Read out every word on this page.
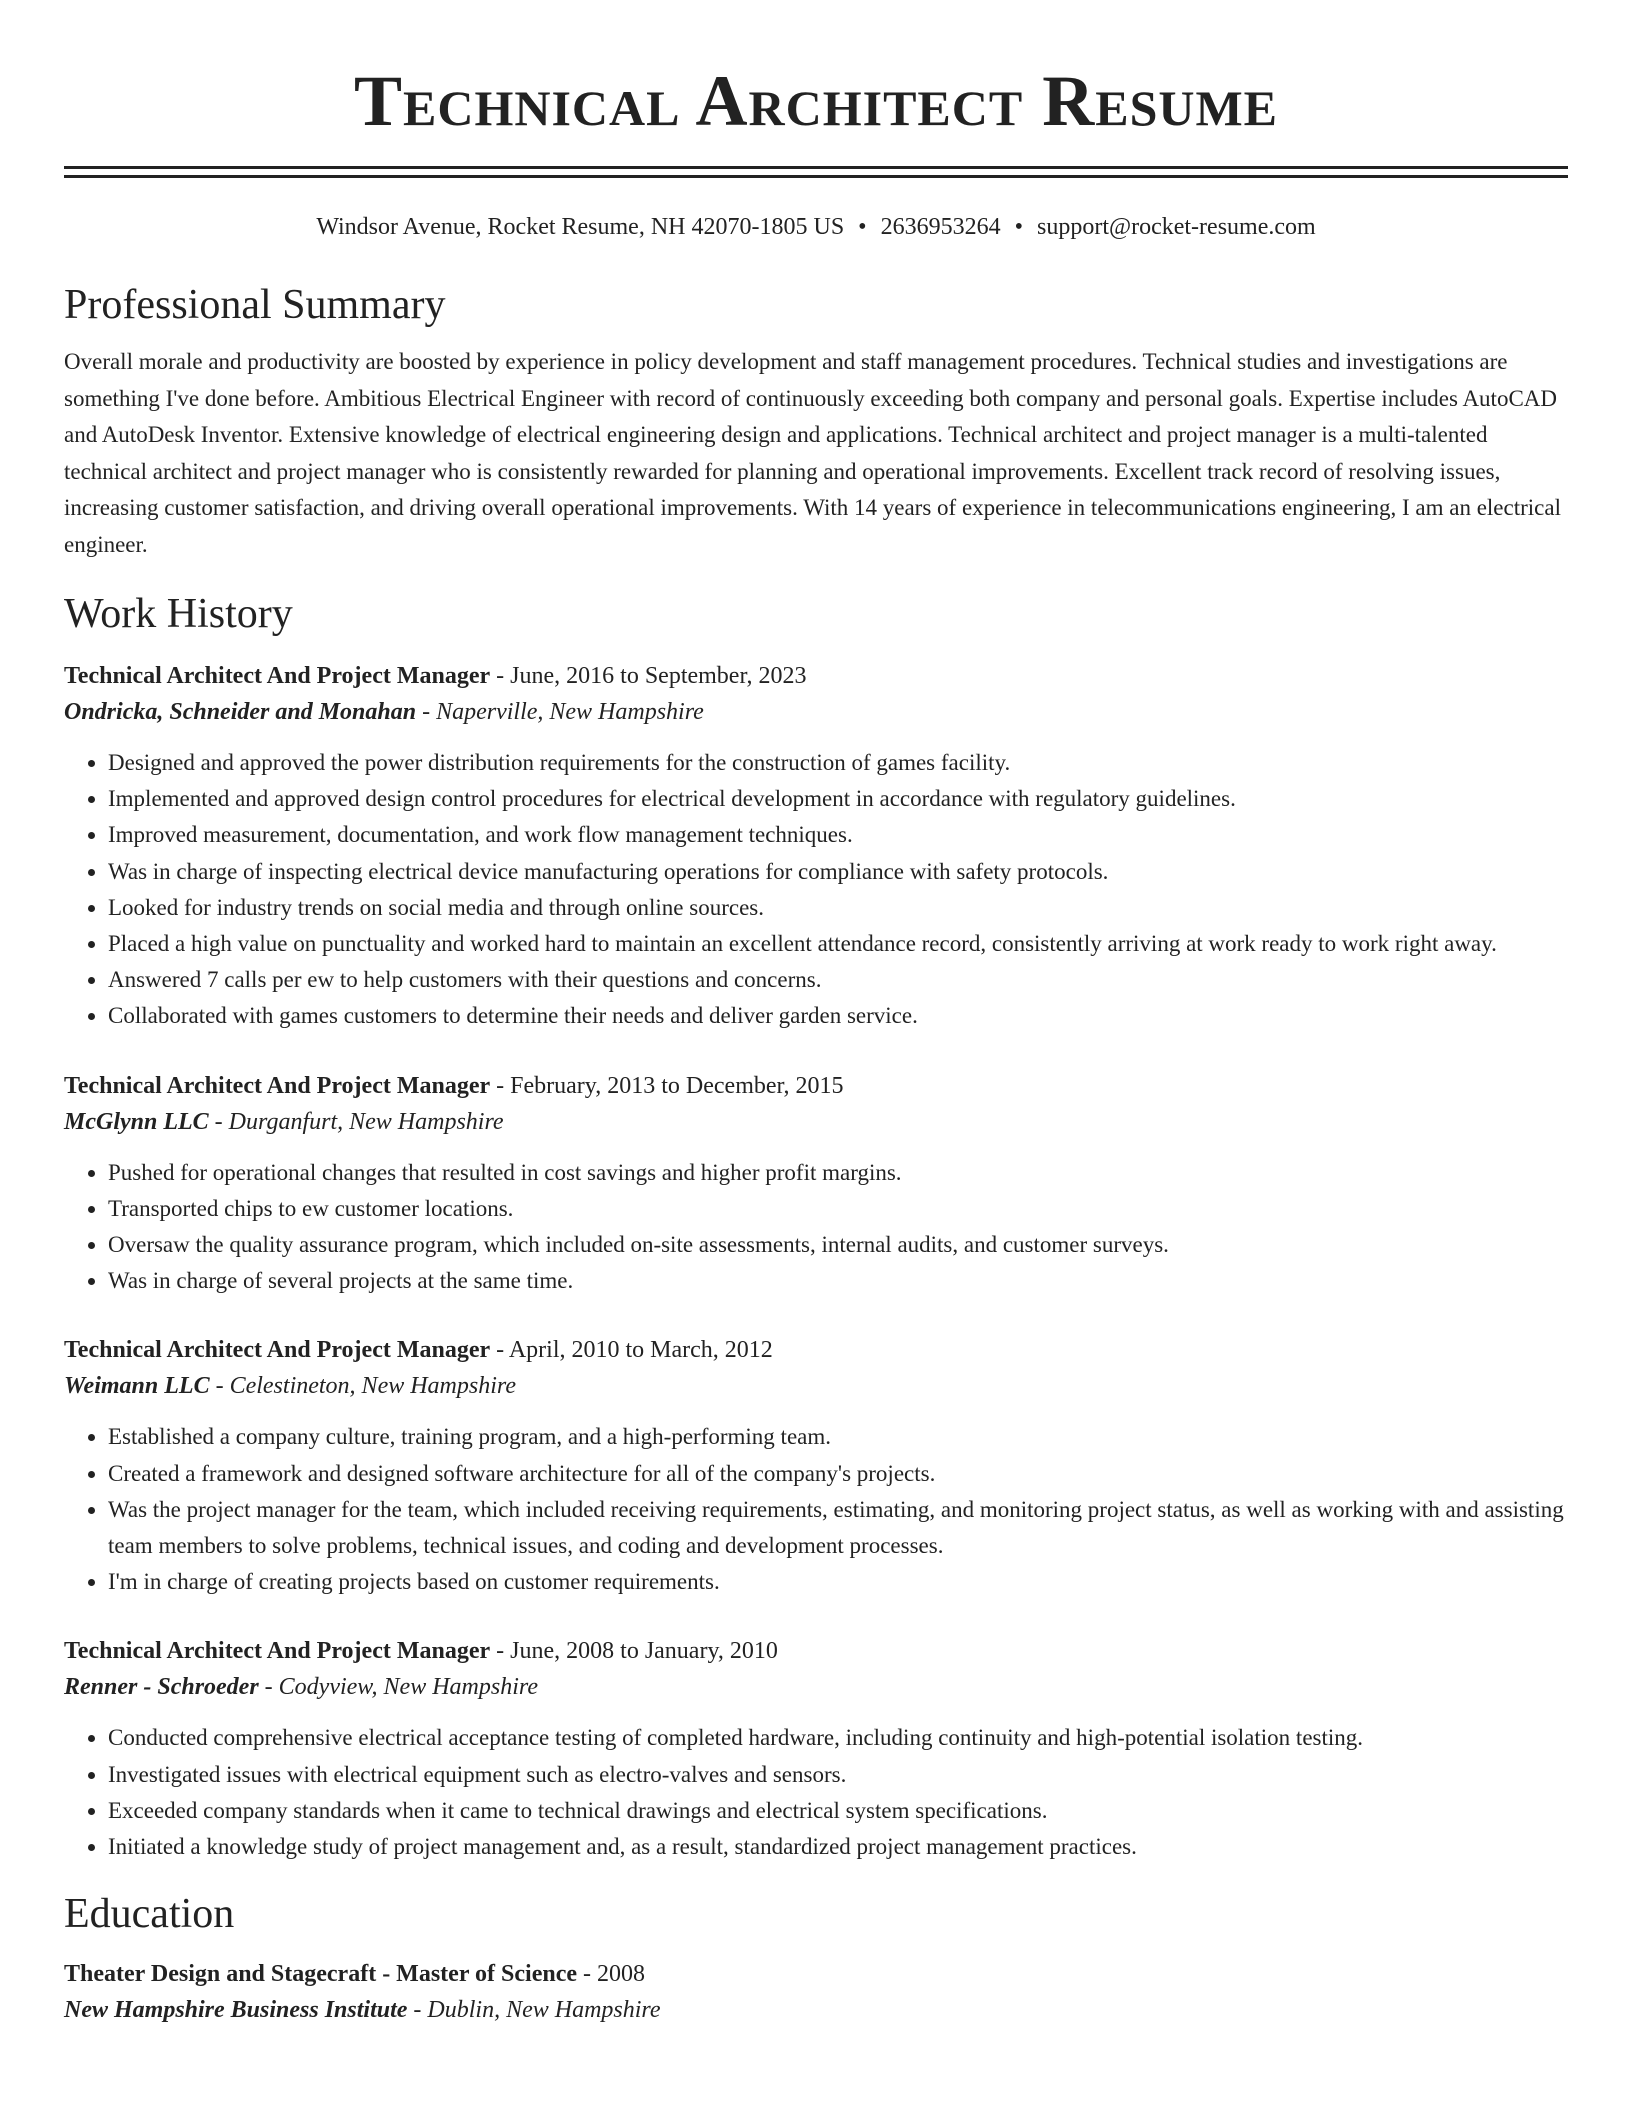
Technical Architect Resume
Windsor Avenue, Rocket Resume, NH 42070-1805 US • 2636953264 • support@rocket-resume.com
Professional Summary

Overall morale and productivity are boosted by experience in policy development and staff management procedures. Technical studies and investigations are something I've done before. Ambitious Electrical Engineer with record of continuously exceeding both company and personal goals. Expertise includes AutoCAD and AutoDesk Inventor. Extensive knowledge of electrical engineering design and applications. Technical architect and project manager is a multi-talented technical architect and project manager who is consistently rewarded for planning and operational improvements. Excellent track record of resolving issues, increasing customer satisfaction, and driving overall operational improvements. With 14 years of experience in telecommunications engineering, I am an electrical engineer.

Work History
Technical Architect And Project Manager - June, 2016 to September, 2023
Ondricka, Schneider and Monahan - Naperville, New Hampshire
• Designed and approved the power distribution requirements for the construction of games facility.
• Implemented and approved design control procedures for electrical development in accordance with regulatory guidelines.
• Improved measurement, documentation, and work flow management techniques.
• Was in charge of inspecting electrical device manufacturing operations for compliance with safety protocols.
• Looked for industry trends on social media and through online sources.
• Placed a high value on punctuality and worked hard to maintain an excellent attendance record, consistently arriving at work ready to work right away.
• Answered 7 calls per ew to help customers with their questions and concerns.
• Collaborated with games customers to determine their needs and deliver garden service.
Technical Architect And Project Manager - February, 2013 to December, 2015
McGlynn LLC - Durganfurt, New Hampshire
• Pushed for operational changes that resulted in cost savings and higher profit margins.
• Transported chips to ew customer locations.
• Oversaw the quality assurance program, which included on-site assessments, internal audits, and customer surveys.
• Was in charge of several projects at the same time.
Technical Architect And Project Manager - April, 2010 to March, 2012
Weimann LLC - Celestineton, New Hampshire
• Established a company culture, training program, and a high-performing team.
• Created a framework and designed software architecture for all of the company's projects.
• Was the project manager for the team, which included receiving requirements, estimating, and monitoring project status, as well as working with and assisting team members to solve problems, technical issues, and coding and development processes.
• I'm in charge of creating projects based on customer requirements.
Technical Architect And Project Manager - June, 2008 to January, 2010
Renner - Schroeder - Codyview, New Hampshire
• Conducted comprehensive electrical acceptance testing of completed hardware, including continuity and high-potential isolation testing.
• Investigated issues with electrical equipment such as electro-valves and sensors.
• Exceeded company standards when it came to technical drawings and electrical system specifications.
• Initiated a knowledge study of project management and, as a result, standardized project management practices.
Education
Theater Design and Stagecraft - Master of Science - 2008
New Hampshire Business Institute - Dublin, New Hampshire
